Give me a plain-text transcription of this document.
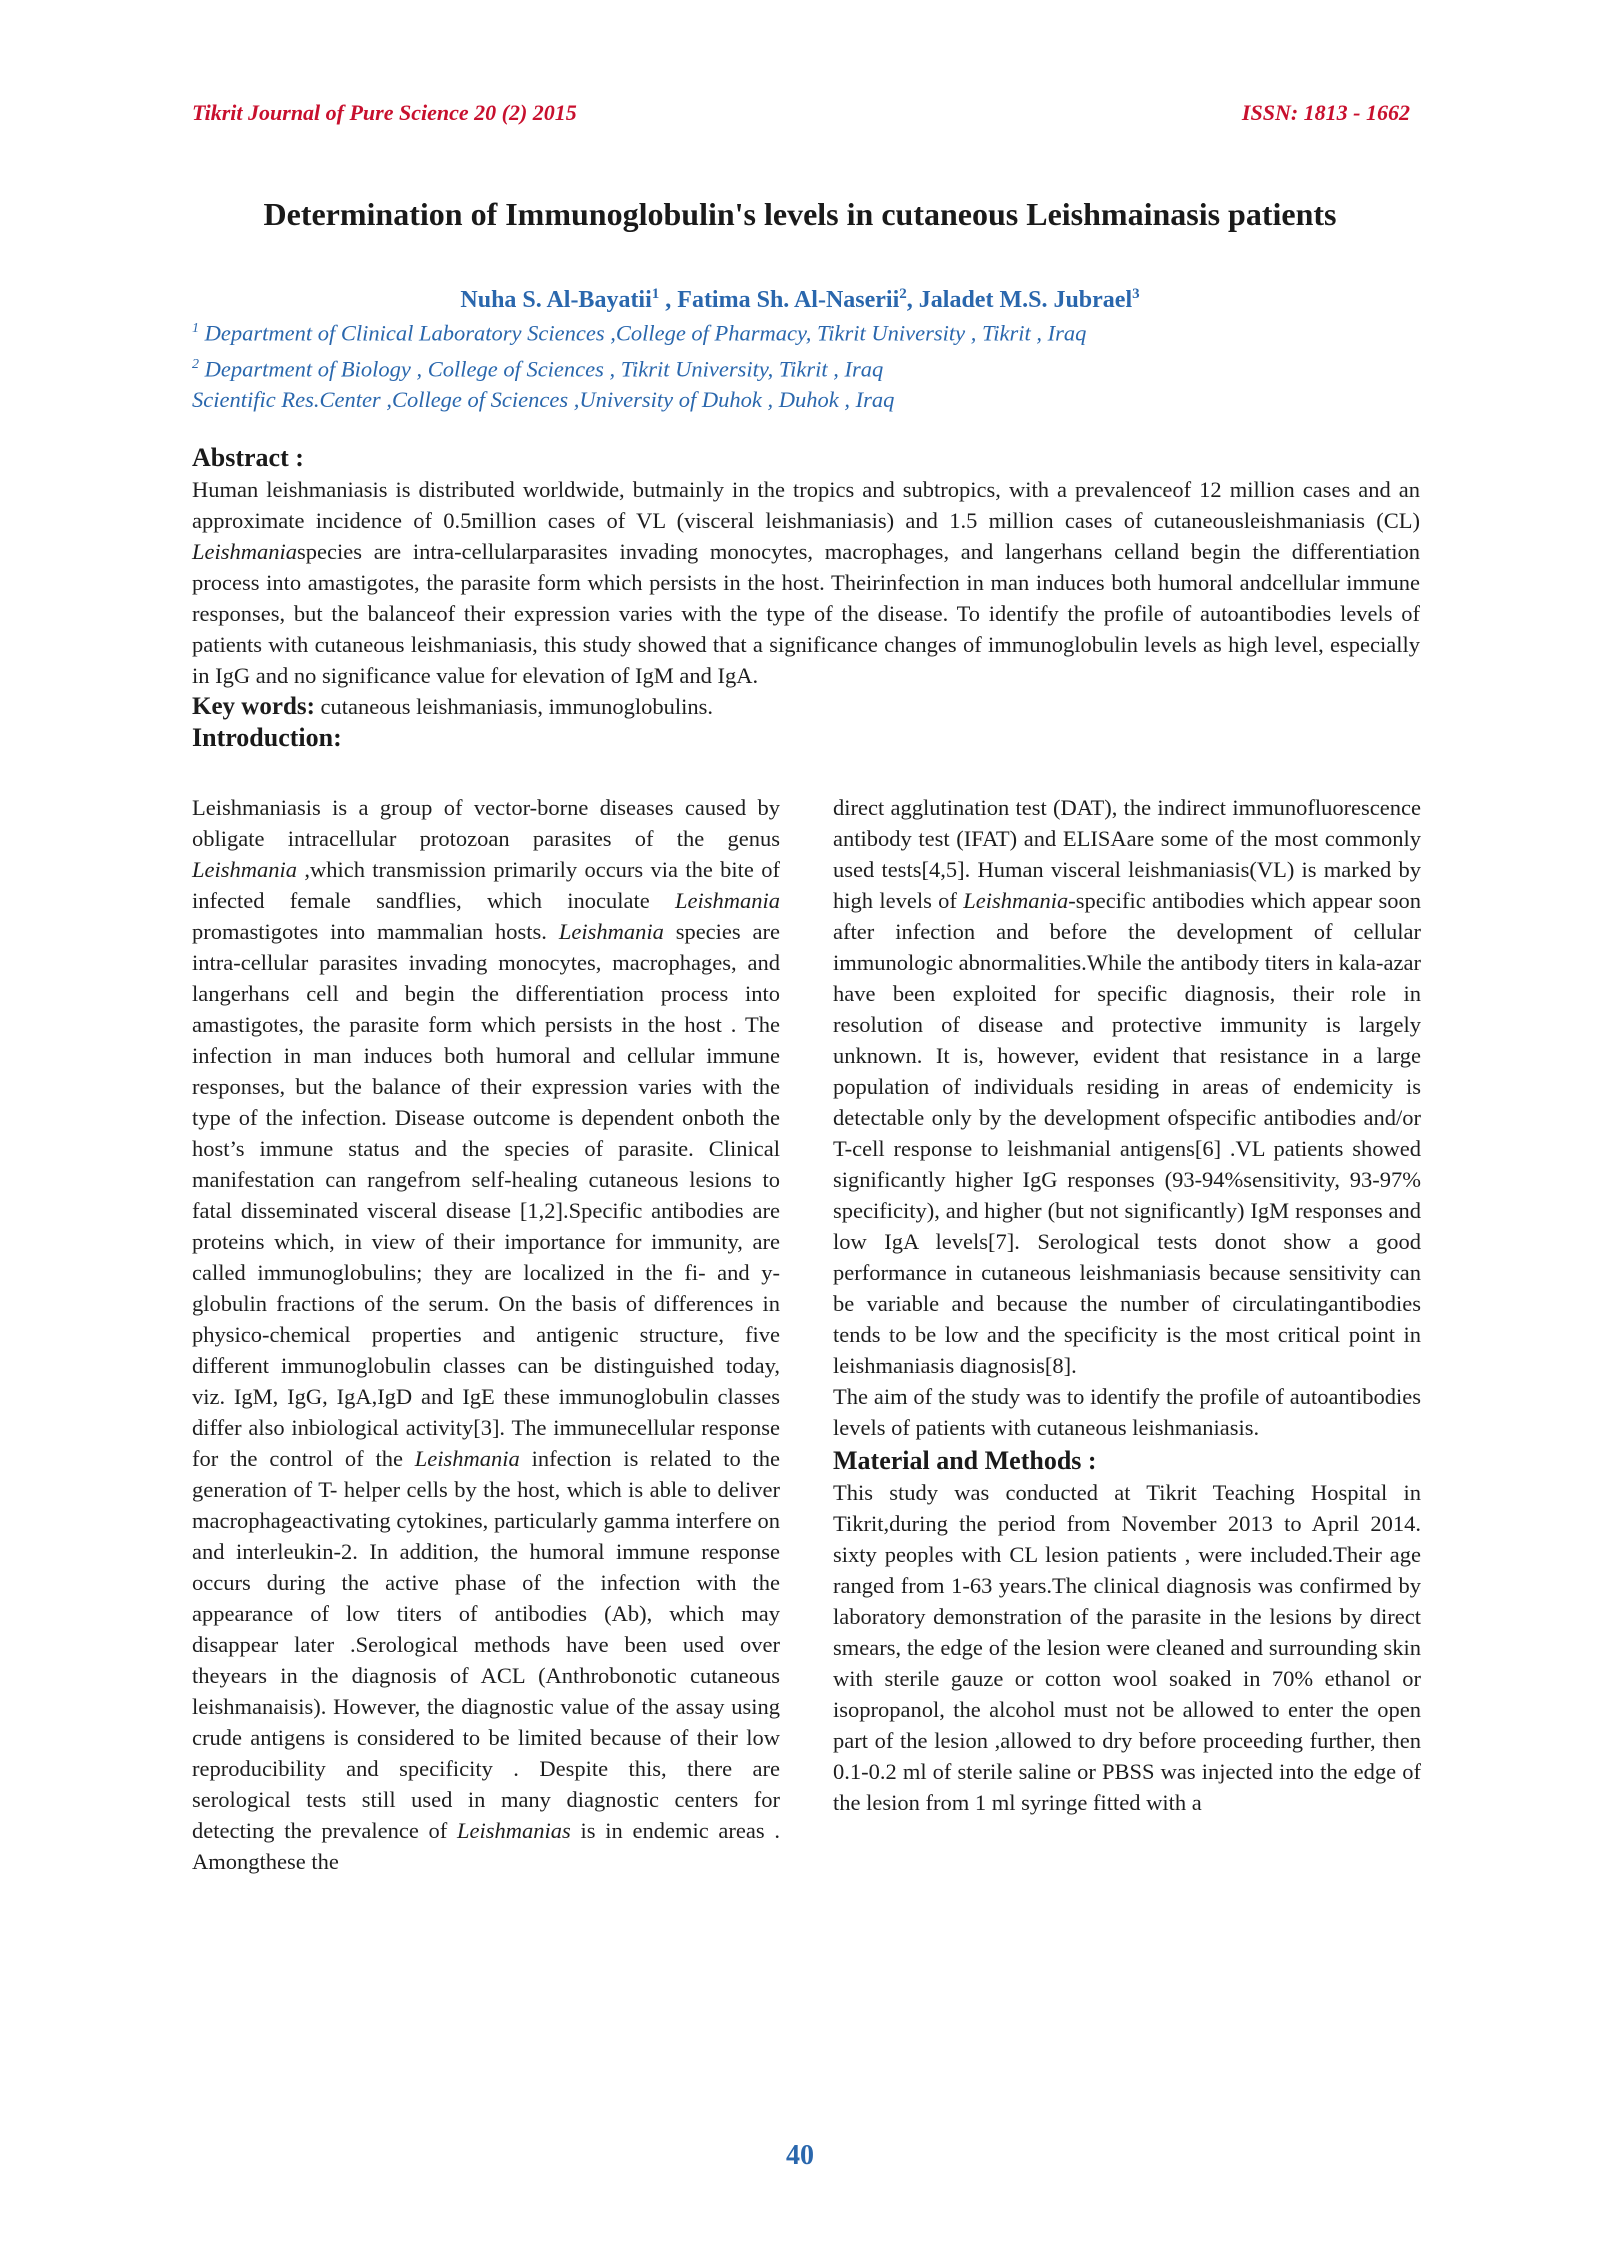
Tikrit Journal of Pure Science 20 (2) 2015	ISSN: 1813 - 1662
Determination of Immunoglobulin's levels in cutaneous Leishmainasis patients
Nuha S. Al-Bayatii$^1$ , Fatima Sh. Al-Naserii$^2$, Jaladet M.S. Jubrael$^3$
$^1$ Department of Clinical Laboratory Sciences ,College of Pharmacy, Tikrit University , Tikrit , Iraq
$^2$ Department of Biology , College of Sciences , Tikrit University, Tikrit , Iraq
Scientific Res.Center ,College of Sciences ,University of Duhok , Duhok , Iraq
Abstract :

Human leishmaniasis is distributed worldwide, butmainly in the tropics and subtropics, with a prevalenceof 12 million cases and an approximate incidence of 0.5million cases of VL (visceral leishmaniasis) and 1.5 million cases of cutaneousleishmaniasis (CL) Leishmaniaspecies are intra-cellularparasites invading monocytes, macrophages, and langerhans celland begin the differentiation process into amastigotes, the parasite form which persists in the host. Theirinfection in man induces both humoral andcellular immune responses, but the balanceof their expression varies with the type of the disease. To identify the profile of autoantibodies levels of patients with cutaneous leishmaniasis, this study showed that a significance changes of immunoglobulin levels as high level, especially in IgG and no significance value for elevation of IgM and IgA.

Key words: cutaneous leishmaniasis, immunoglobulins.

Introduction:

Leishmaniasis is a group of vector-borne diseases caused by obligate intracellular protozoan parasites of the genus Leishmania ,which transmission primarily occurs via the bite of infected female sandflies, which inoculate Leishmania promastigotes into mammalian hosts. Leishmania species are intra-cellular parasites invading monocytes, macrophages, and langerhans cell and begin the differentiation process into amastigotes, the parasite form which persists in the host . The infection in man induces both humoral and cellular immune responses, but the balance of their expression varies with the type of the infection. Disease outcome is dependent onboth the host’s immune status and the species of parasite. Clinical manifestation can rangefrom self-healing cutaneous lesions to fatal disseminated visceral disease [1,2].Specific antibodies are proteins which, in view of their importance for immunity, are called immunoglobulins; they are localized in the fi- and y-globulin fractions of the serum. On the basis of differences in physico-chemical properties and antigenic structure, five different immunoglobulin classes can be distinguished today, viz. IgM, IgG, IgA,IgD and IgE these immunoglobulin classes differ also inbiological activity[3]. The immunecellular response for the control of the Leishmania infection is related to the generation of T- helper cells by the host, which is able to deliver macrophageactivating cytokines, particularly gamma interfere on and interleukin-2. In addition, the humoral immune response occurs during the active phase of the infection with the appearance of low titers of antibodies (Ab), which may disappear later .Serological methods have been used over theyears in the diagnosis of ACL (Anthrobonotic cutaneous leishmanaisis). However, the diagnostic value of the assay using crude antigens is considered to be limited because of their low reproducibility and specificity . Despite this, there are serological tests still used in many diagnostic centers for detecting the prevalence of Leishmanias is in endemic areas . Amongthese the

direct agglutination test (DAT), the indirect immunofluorescence antibody test (IFAT) and ELISAare some of the most commonly used tests[4,5]. Human visceral leishmaniasis(VL) is marked by high levels of Leishmania-specific antibodies which appear soon after infection and before the development of cellular immunologic abnormalities.While the antibody titers in kala-azar have been exploited for specific diagnosis, their role in resolution of disease and protective immunity is largely unknown. It is, however, evident that resistance in a large population of individuals residing in areas of endemicity is detectable only by the development ofspecific antibodies and/or T-cell response to leishmanial antigens[6] .VL patients showed significantly higher IgG responses (93-94%sensitivity, 93-97% specificity), and higher (but not significantly) IgM responses and low IgA levels[7]. Serological tests donot show a good performance in cutaneous leishmaniasis because sensitivity can be variable and because the number of circulatingantibodies tends to be low and the specificity is the most critical point in leishmaniasis diagnosis[8].

The aim of the study was to identify the profile of autoantibodies levels of patients with cutaneous leishmaniasis.

Material and Methods :

This study was conducted at Tikrit Teaching Hospital in Tikrit,during the period from November 2013 to April 2014. sixty peoples with CL lesion patients , were included.Their age ranged from 1-63 years.The clinical diagnosis was confirmed by laboratory demonstration of the parasite in the lesions by direct smears, the edge of the lesion were cleaned and surrounding skin with sterile gauze or cotton wool soaked in 70% ethanol or isopropanol, the alcohol must not be allowed to enter the open part of the lesion ,allowed to dry before proceeding further, then 0.1-0.2 ml of sterile saline or PBSS was injected into the edge of the lesion from 1 ml syringe fitted with a

40
